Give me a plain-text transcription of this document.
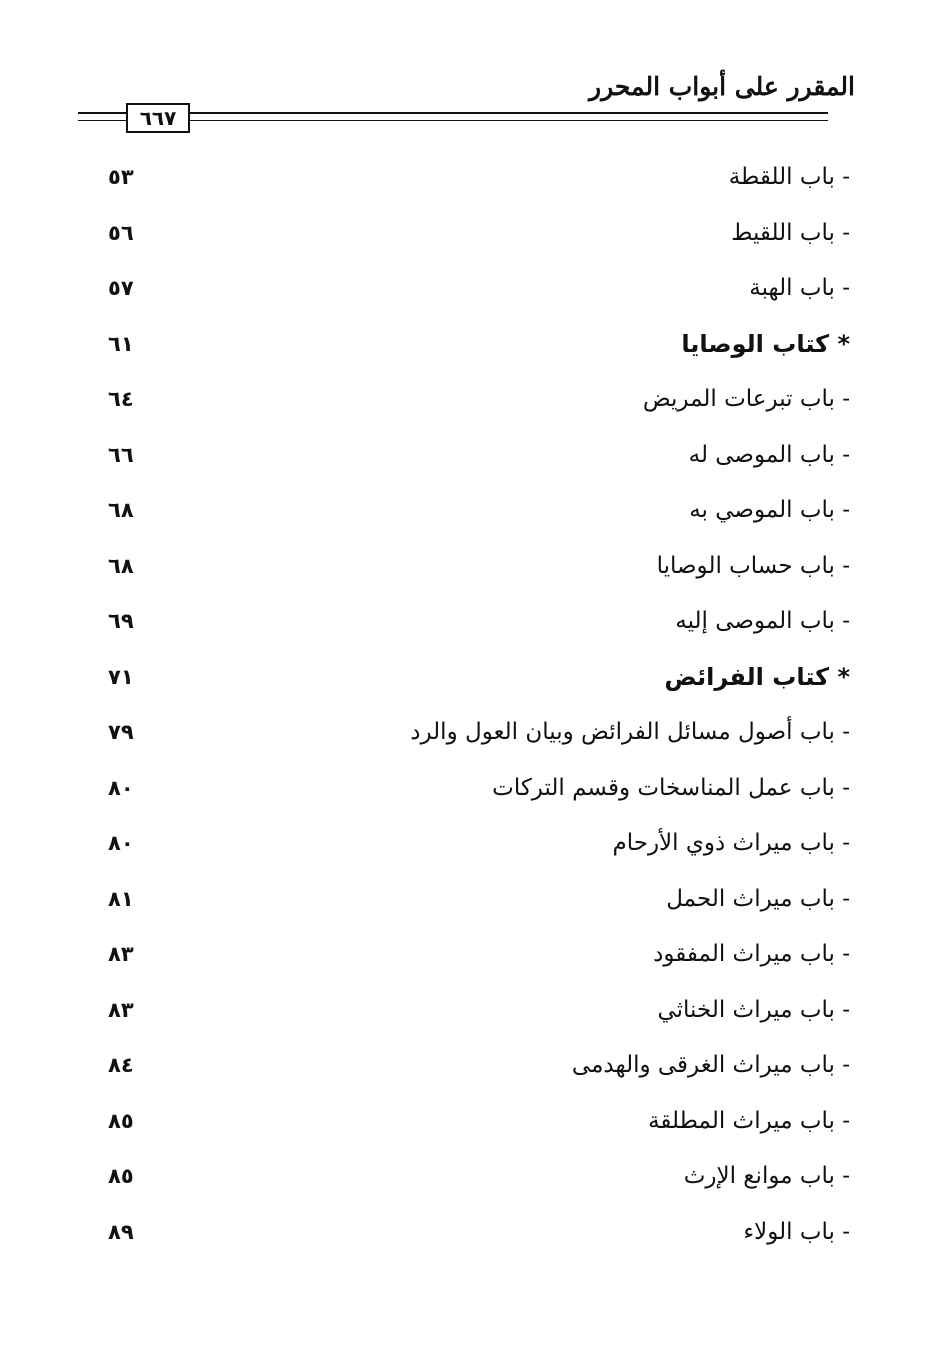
المقرر على أبواب المحرر
٦٦٧
- باب اللقطة
٥٣
- باب اللقيط
٥٦
- باب الهبة
٥٧
* كتاب الوصايا
٦١
- باب تبرعات المريض
٦٤
- باب الموصى له
٦٦
- باب الموصي به
٦٨
- باب حساب الوصايا
٦٨
- باب الموصى إليه
٦٩
* كتاب الفرائض
٧١
- باب أصول مسائل الفرائض وبيان العول والرد
٧٩
- باب عمل المناسخات وقسم التركات
٨٠
- باب ميراث ذوي الأرحام
٨٠
- باب ميراث الحمل
٨١
- باب ميراث المفقود
٨٣
- باب ميراث الخناثي
٨٣
- باب ميراث الغرقى والهدمى
٨٤
- باب ميراث المطلقة
٨٥
- باب موانع الإرث
٨٥
- باب الولاء
٨٩
